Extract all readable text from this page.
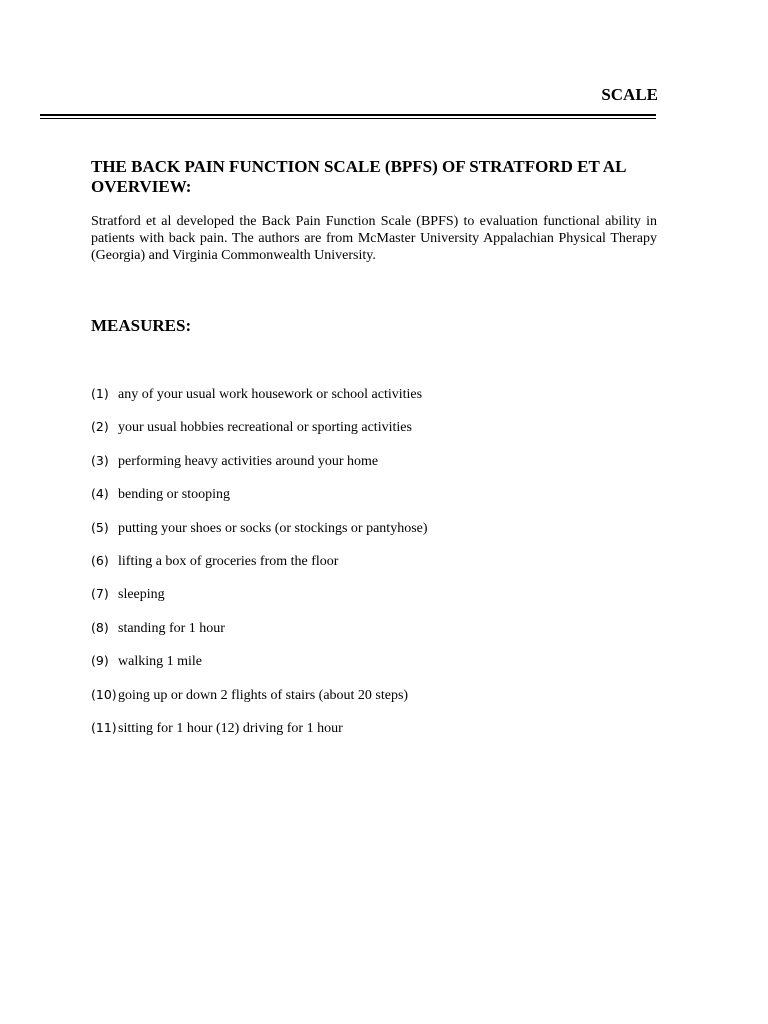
SCALE
THE BACK PAIN FUNCTION SCALE (BPFS) OF STRATFORD ET AL OVERVIEW:

Stratford et al developed the Back Pain Function Scale (BPFS) to evaluation functional ability in patients with back pain. The authors are from McMaster University Appalachian Physical Therapy (Georgia) and Virginia Commonwealth University.

MEASURES:
(1) any of your usual work housework or school activities
(2) your usual hobbies recreational or sporting activities
(3) performing heavy activities around your home
(4) bending or stooping
(5) putting your shoes or socks (or stockings or pantyhose)
(6) lifting a box of groceries from the floor
(7) sleeping
(8) standing for 1 hour
(9) walking 1 mile
(10) going up or down 2 flights of stairs (about 20 steps)
(11) sitting for 1 hour (12) driving for 1 hour
